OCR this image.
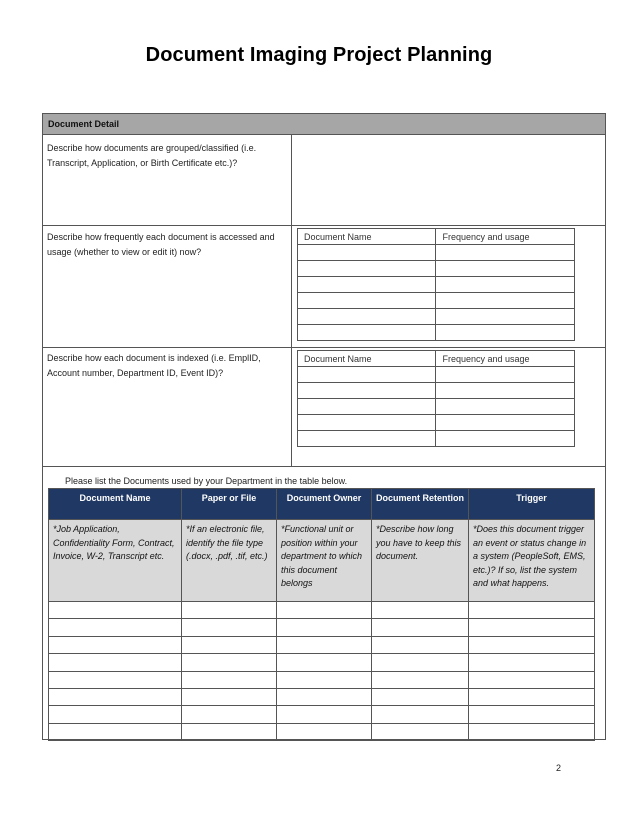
Document Imaging Project Planning
Document Detail
Describe how documents are grouped/classified (i.e. Transcript, Application, or Birth Certificate etc.)?
Describe how frequently each document is accessed and usage (whether to view or edit it) now?
Describe how each document is indexed (i.e. EmplID, Account number, Department ID, Event ID)?
Document Name	Frequency and usage

Document Name	Frequency and usage

Please list the Documents used by your Department in the table below.
Document Name	Paper or File	Document Owner	Document Retention	Trigger
*Job Application, Confidentiality Form, Contract, Invoice, W-2, Transcript etc.	*If an electronic file, identify the file type (.docx, .pdf, .tif, etc.)	*Functional unit or position within your department to which this document belongs	*Describe how long you have to keep this document.	*Does this document trigger an event or status change in a system (PeopleSoft, EMS, etc.)? If so, list the system and what happens.

2
